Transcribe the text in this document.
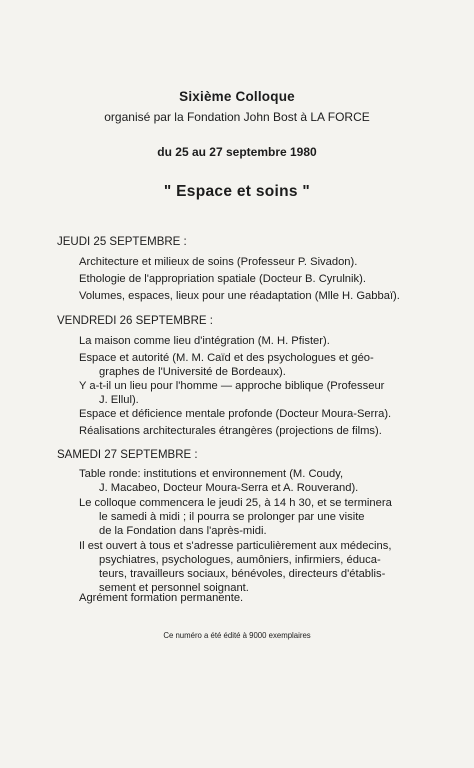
Sixième Colloque
organisé par la Fondation John Bost à LA FORCE
du 25 au 27 septembre 1980
" Espace et soins "
JEUDI 25 SEPTEMBRE :
Architecture et milieux de soins (Professeur P. Sivadon).
Ethologie de l'appropriation spatiale (Docteur B. Cyrulnik).
Volumes, espaces, lieux pour une réadaptation (Mlle H. Gabbaï).
VENDREDI 26 SEPTEMBRE :
La maison comme lieu d'intégration (M. H. Pfister).
Espace et autorité (M. M. Caïd et des psychologues et géo-
graphes de l'Université de Bordeaux).
Y a-t-il un lieu pour l'homme — approche biblique (Professeur
J. Ellul).
Espace et déficience mentale profonde (Docteur Moura-Serra).
Réalisations architecturales étrangères (projections de films).
SAMEDI 27 SEPTEMBRE :
Table ronde: institutions et environnement (M. Coudy,
J. Macabeo, Docteur Moura-Serra et A. Rouverand).
Le colloque commencera le jeudi 25, à 14 h 30, et se terminera
le samedi à midi ; il pourra se prolonger par une visite
de la Fondation dans l'après-midi.
Il est ouvert à tous et s'adresse particulièrement aux médecins,
psychiatres, psychologues, aumôniers, infirmiers, éduca-
teurs, travailleurs sociaux, bénévoles, directeurs d'établis-
sement et personnel soignant.
Agrément formation permanente.
Ce numéro a été édité à 9000 exemplaires
